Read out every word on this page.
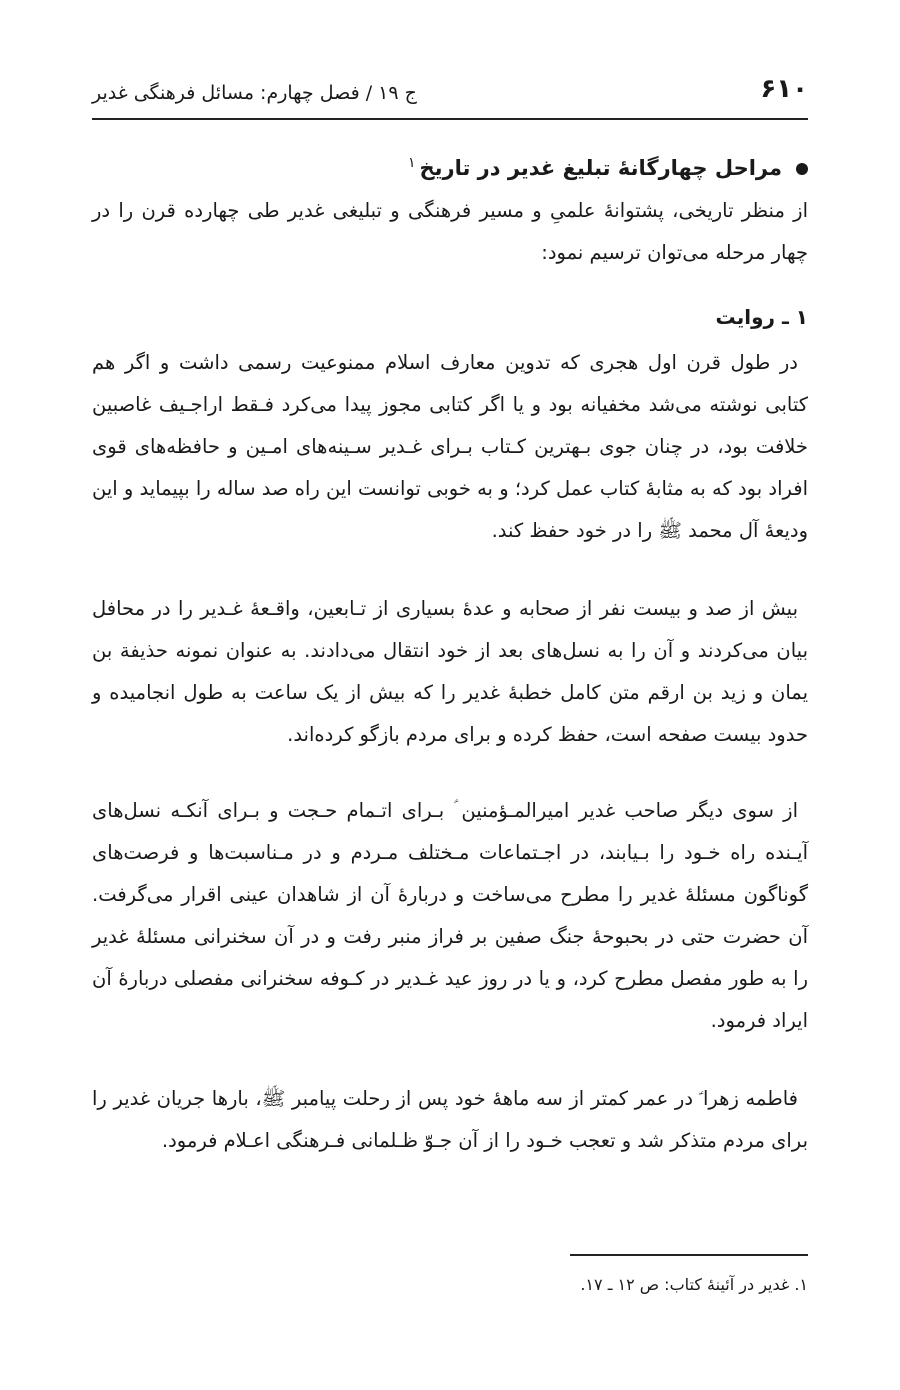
۶۱۰
ج ۱۹ / فصل چهارم: مسائل فرهنگی غدیر
مراحل چهارگانۀ تبلیغ غدیر در تاریخ$^۱$
از منظر تاریخی، پشتوانۀ علمیِ و مسیر فرهنگی و تبلیغی غدیر طی چهارده قرن را در چهار مرحله می‌توان ترسیم نمود:
۱ ـ روایت
در طول قرن اول هجری که تدوین معارف اسلام ممنوعیت رسمی داشت و اگر هم کتابی نوشته می‌شد مخفیانه بود و یا اگر کتابی مجوز پیدا می‌کرد فـقط اراجـیف غاصبین خلافت بود، در چنان جوی بـهترین کـتاب بـرای غـدیر سـینه‌های امـین و حافظه‌های قوی افراد بود که به مثابۀ کتاب عمل کرد؛ و به خوبی توانست این راه صد ساله را بپیماید و این ودیعۀ آل محمد ﷺ را در خود حفظ کند.
بیش از صد و بیست نفر از صحابه و عدۀ بسیاری از تـابعین، واقـعۀ غـدیر را در محافل بیان می‌کردند و آن را به نسل‌های بعد از خود انتقال می‌دادند. به عنوان نمونه حذیفة بن یمان و زید بن ارقم متن کامل خطبۀ غدیر را که بیش از یک ساعت به طول انجامیده و حدود بیست صفحه است، حفظ کرده و برای مردم بازگو کرده‌اند.
از سوی دیگر صاحب غدیر امیرالمـؤمنین ؑ بـرای اتـمام حـجت و بـرای آنکـه نسل‌های آیـنده راه خـود را بـیابند، در اجـتماعات مـختلف مـردم و در مـناسبت‌ها و فرصت‌های گوناگون مسئلۀ غدیر را مطرح می‌ساخت و دربارۀ آن از شاهدان عینی اقرار می‌گرفت. آن حضرت حتی در بحبوحۀ جنگ صفین بر فراز منبر رفت و در آن سخنرانی مسئلۀ غدیر را به طور مفصل مطرح کرد، و یا در روز عید غـدیر در کـوفه سخنرانی مفصلی دربارۀ آن ایراد فرمود.
فاطمه زهرا ؑ در عمر کمتر از سه ماهۀ خود پس از رحلت پیامبر ﷺ، بارها جریان غدیر را برای مردم متذکر شد و تعجب خـود را از آن جـوّ ظـلمانی فـرهنگی اعـلام فرمود.
۱. غدیر در آئینۀ کتاب: ص ۱۲ ـ ۱۷.
